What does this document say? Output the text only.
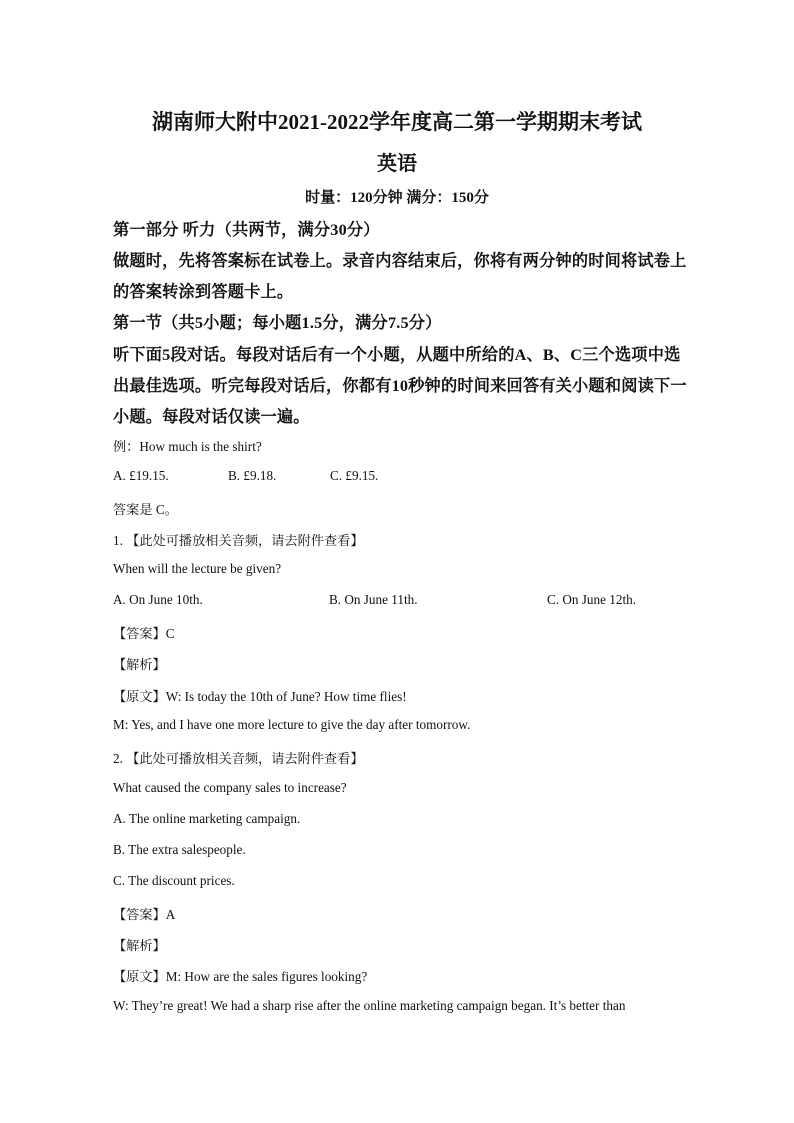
湖南师大附中2021-2022学年度高二第一学期期末考试
英语
时量：120分钟 满分：150分
第一部分 听力（共两节，满分30分）
做题时，先将答案标在试卷上。录音内容结束后，你将有两分钟的时间将试卷上
的答案转涂到答题卡上。
第一节（共5小题；每小题1.5分，满分7.5分）
听下面5段对话。每段对话后有一个小题，从题中所给的A、B、C三个选项中选
出最佳选项。听完每段对话后，你都有10秒钟的时间来回答有关小题和阅读下一
小题。每段对话仅读一遍。
例：How much is the shirt?
A. £19.15.	B. £9.18.	C. £9.15.
答案是 C。
1. 【此处可播放相关音频，请去附件查看】
When will the lecture be given?
A. On June 10th.	B. On June 11th.	C. On June 12th.
【答案】C
【解析】
【原文】W: Is today the 10th of June? How time flies!
M: Yes, and I have one more lecture to give the day after tomorrow.
2. 【此处可播放相关音频，请去附件查看】
What caused the company sales to increase?
A. The online marketing campaign.
B. The extra salespeople.
C. The discount prices.
【答案】A
【解析】
【原文】M: How are the sales figures looking?
W: They’re great! We had a sharp rise after the online marketing campaign began. It’s better than
